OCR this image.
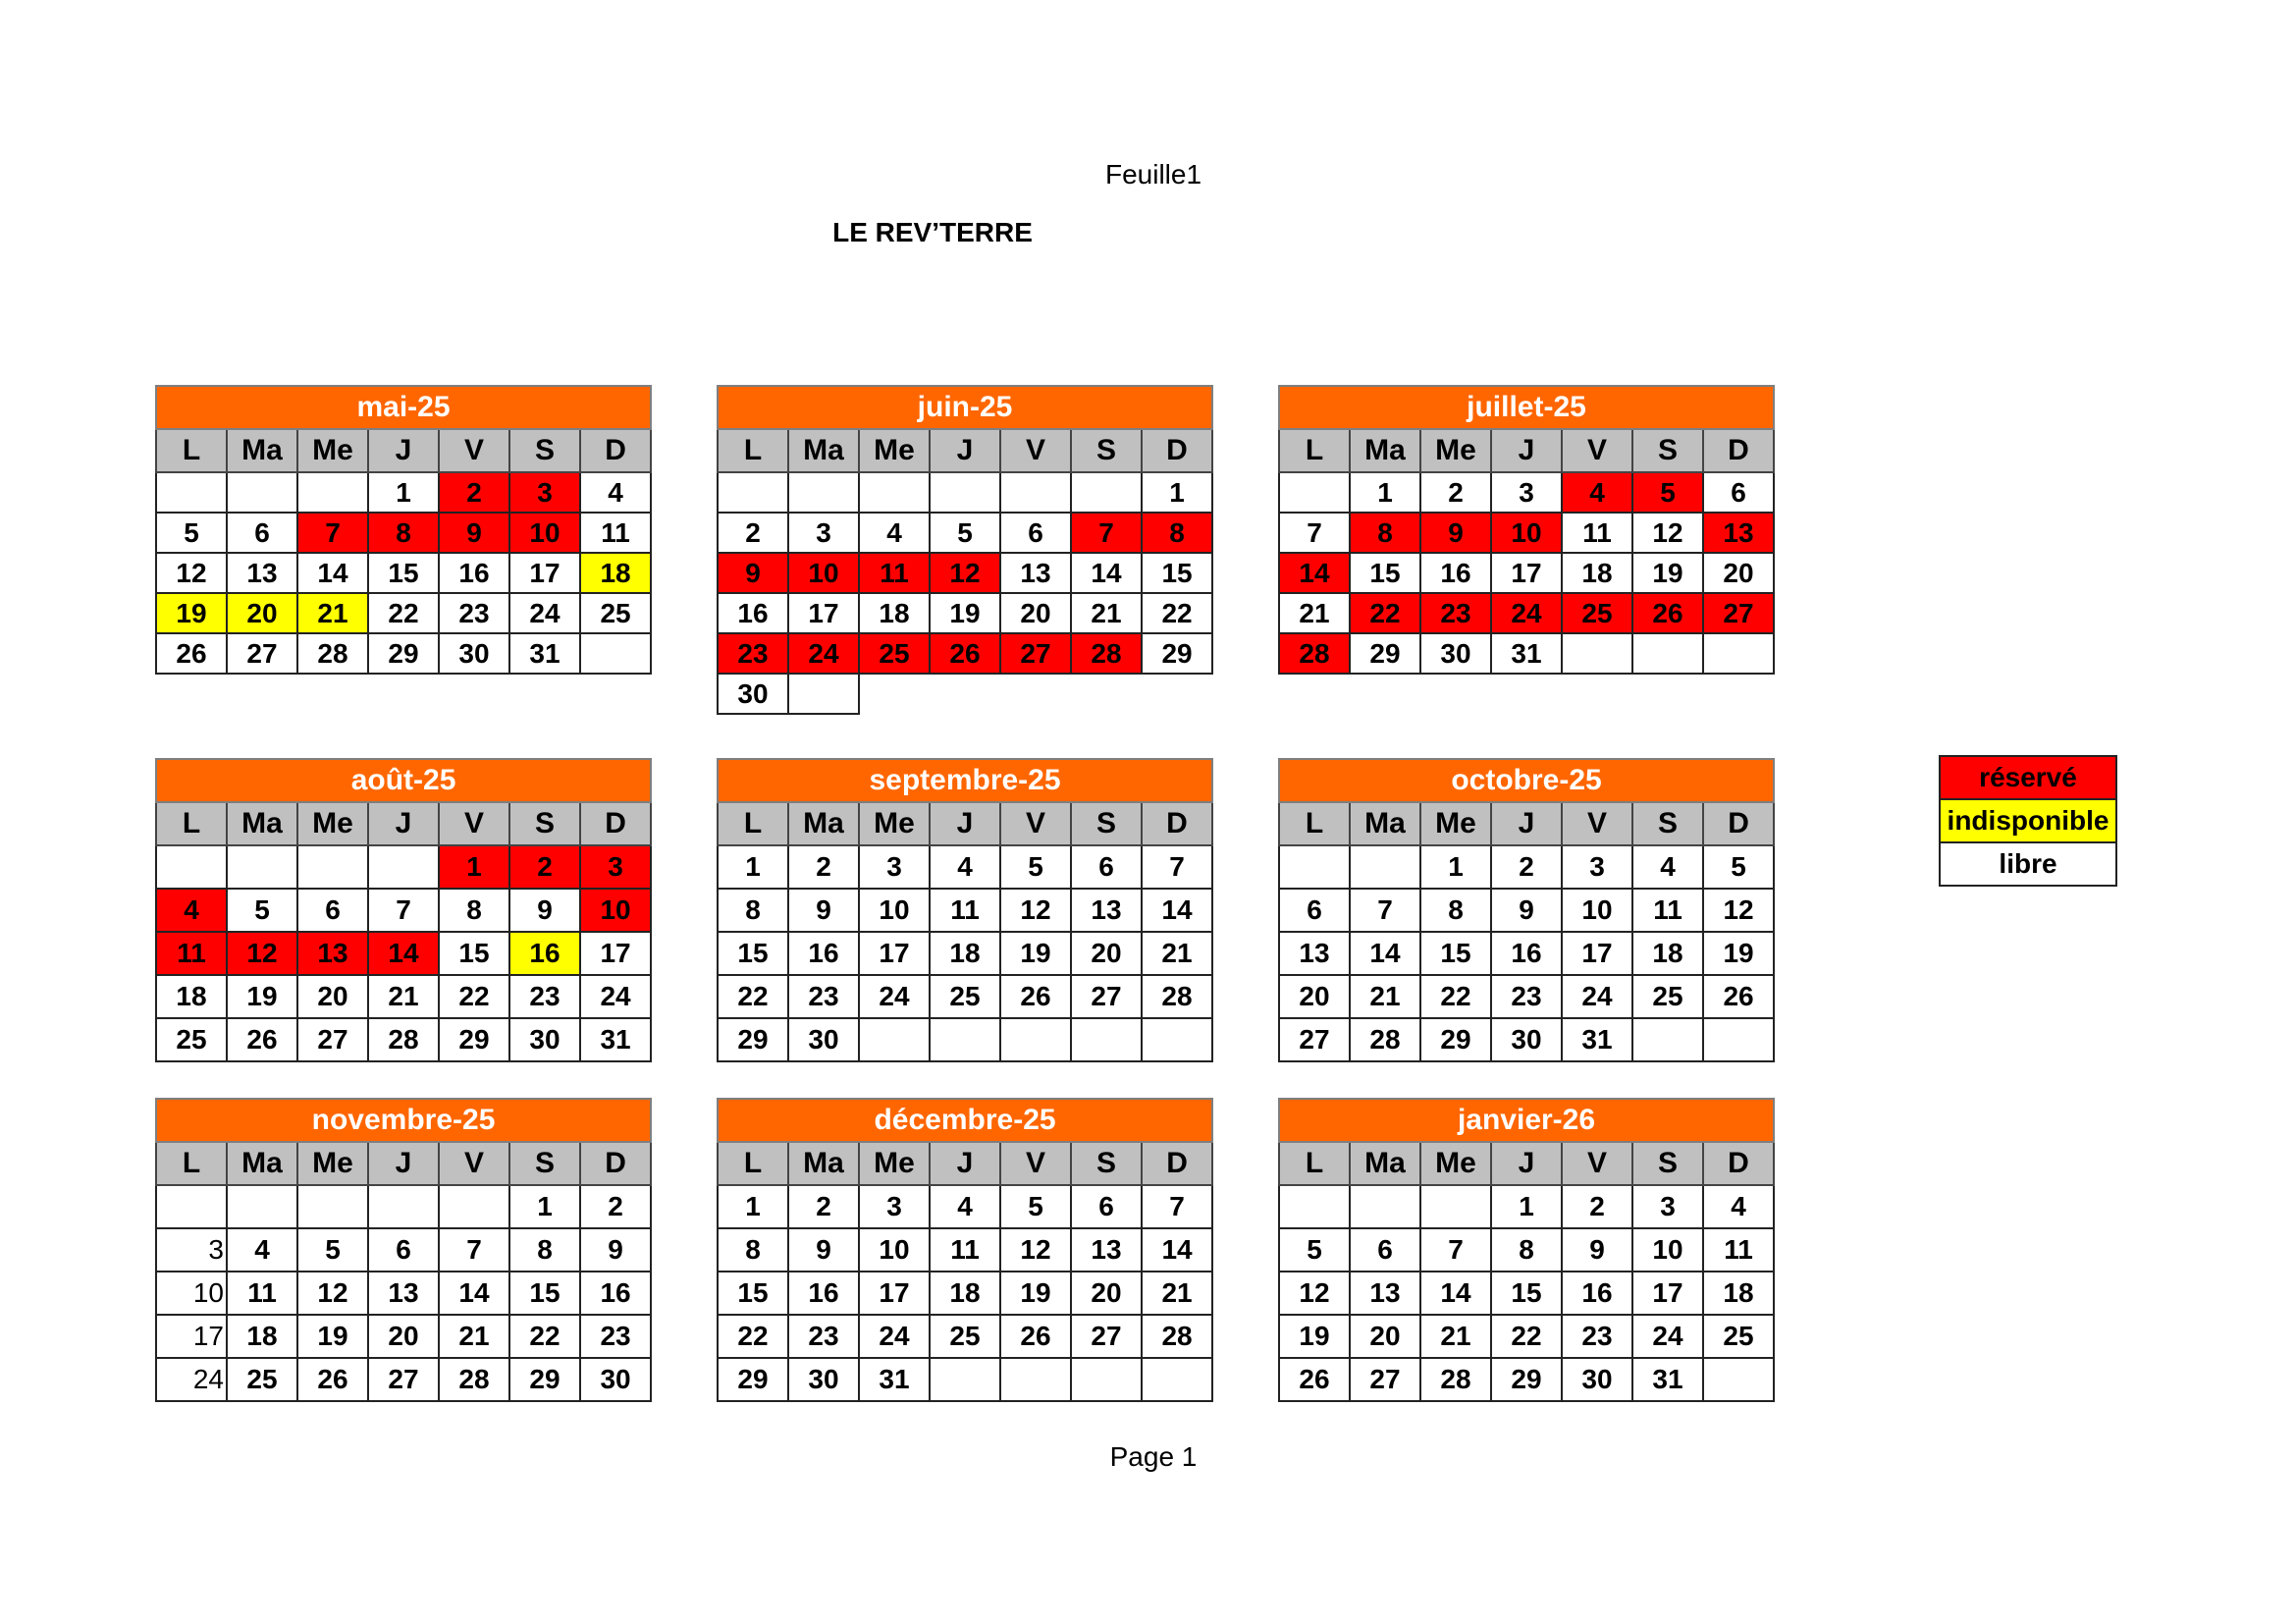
Feuille1
LE REV’TERRE
mai-25						
L	Ma	Me	J	V	S	D
			1	2	3	4
5	6	7	8	9	10	11
12	13	14	15	16	17	18
19	20	21	22	23	24	25
26	27	28	29	30	31	
juin-25						
L	Ma	Me	J	V	S	D
						1
2	3	4	5	6	7	8
9	10	11	12	13	14	15
16	17	18	19	20	21	22
23	24	25	26	27	28	29
30						
juillet-25						
L	Ma	Me	J	V	S	D
	1	2	3	4	5	6
7	8	9	10	11	12	13
14	15	16	17	18	19	20
21	22	23	24	25	26	27
28	29	30	31			
août-25						
L	Ma	Me	J	V	S	D
				1	2	3
4	5	6	7	8	9	10
11	12	13	14	15	16	17
18	19	20	21	22	23	24
25	26	27	28	29	30	31
septembre-25						
L	Ma	Me	J	V	S	D
1	2	3	4	5	6	7
8	9	10	11	12	13	14
15	16	17	18	19	20	21
22	23	24	25	26	27	28
29	30					
octobre-25						
L	Ma	Me	J	V	S	D
		1	2	3	4	5
6	7	8	9	10	11	12
13	14	15	16	17	18	19
20	21	22	23	24	25	26
27	28	29	30	31		
novembre-25						
L	Ma	Me	J	V	S	D
					1	2
3	4	5	6	7	8	9
10	11	12	13	14	15	16
17	18	19	20	21	22	23
24	25	26	27	28	29	30
décembre-25						
L	Ma	Me	J	V	S	D
1	2	3	4	5	6	7
8	9	10	11	12	13	14
15	16	17	18	19	20	21
22	23	24	25	26	27	28
29	30	31				
janvier-26						
L	Ma	Me	J	V	S	D
			1	2	3	4
5	6	7	8	9	10	11
12	13	14	15	16	17	18
19	20	21	22	23	24	25
26	27	28	29	30	31	
réservé
indisponible
libre
Page 1
